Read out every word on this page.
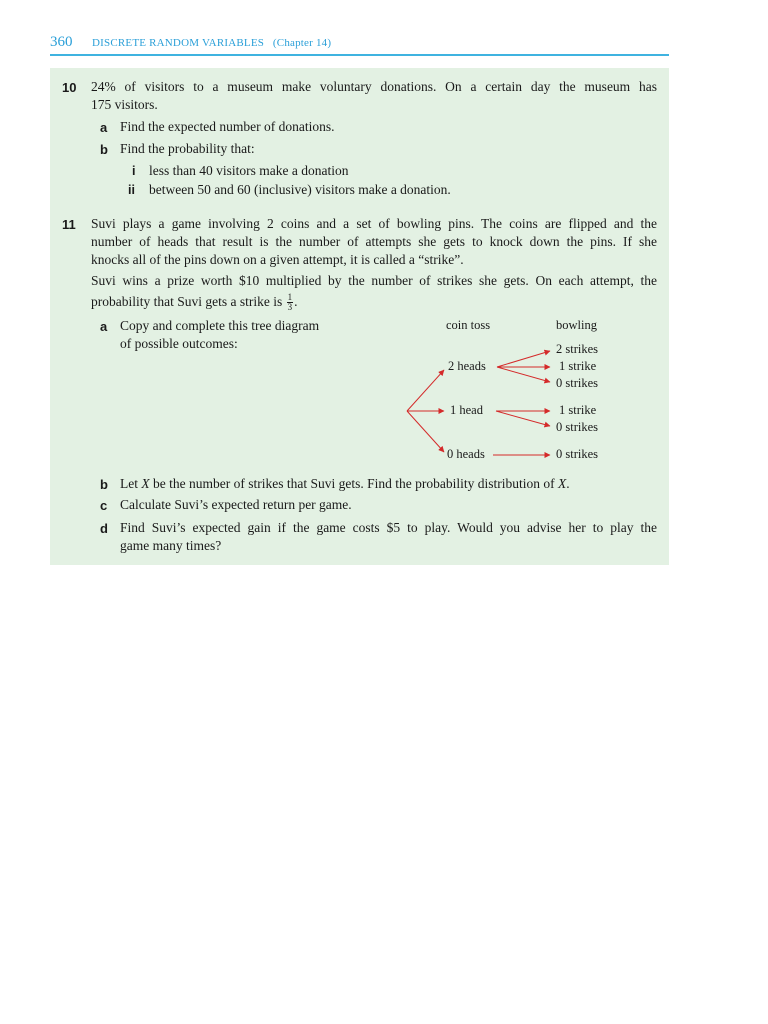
360 DISCRETE RANDOM VARIABLES (Chapter 14)
10 24% of visitors to a museum make voluntary donations. On a certain day the museum has
175 visitors.
a Find the expected number of donations.
b Find the probability that:
i less than 40 visitors make a donation
ii between 50 and 60 (inclusive) visitors make a donation.
11 Suvi plays a game involving 2 coins and a set of bowling pins. The coins are flipped and the
number of heads that result is the number of attempts she gets to knock down the pins. If she
knocks all of the pins down on a given attempt, it is called a “strike”.
Suvi wins a prize worth $10 multiplied by the number of strikes she gets. On each attempt, the
probability that Suvi gets a strike is $\frac{1}{3}$ .
a Copy and complete this tree diagram
of possible outcomes:
coin toss	bowling
2 heads
1 head
0 heads
2 strikes
1 strike
0 strikes
1 strike
0 strikes
0 strikes
b Let X be the number of strikes that Suvi gets. Find the probability distribution of X.
c Calculate Suvi’s expected return per game.
d Find Suvi’s expected gain if the game costs $5 to play. Would you advise her to play the
game many times?
